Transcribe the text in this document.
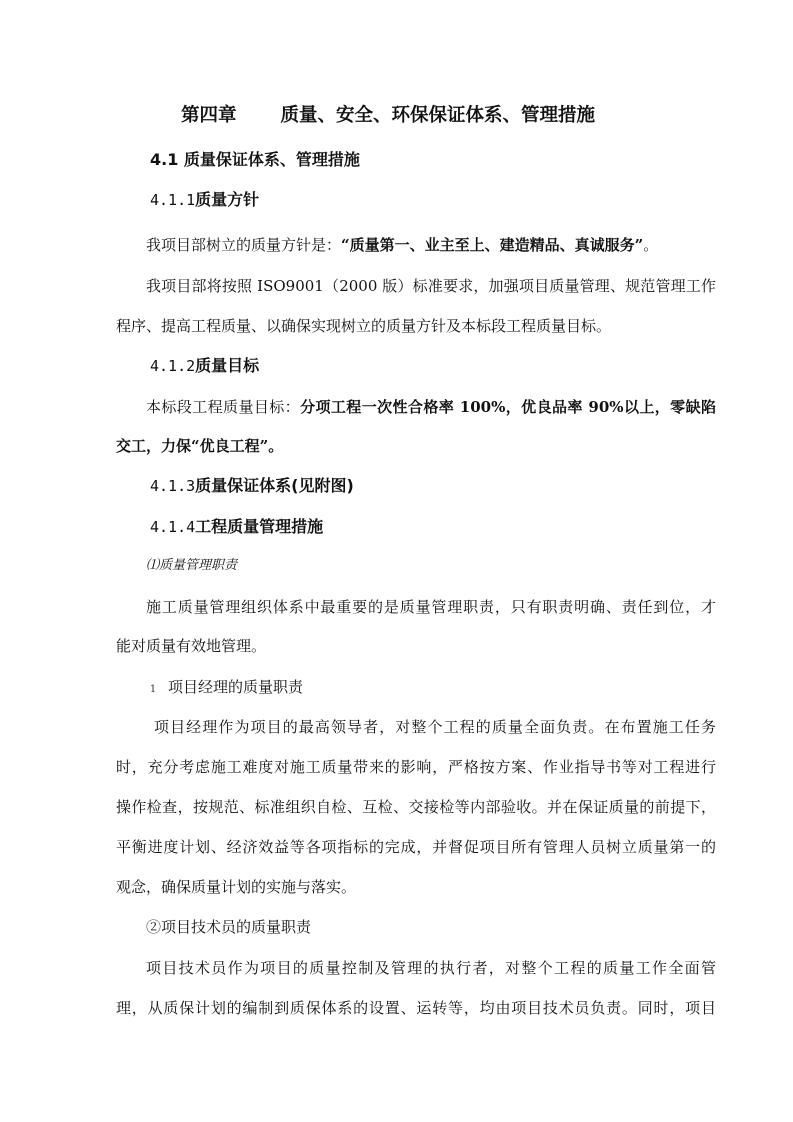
第四章 质量、安全、环保保证体系、管理措施
4.1 质量保证体系、管理措施
4.1.1质量方针
我项目部树立的质量方针是：“质量第一、业主至上、建造精品、真诚服务”。
我项目部将按照 ISO9001（2000 版）标准要求，加强项目质量管理、规范管理工作
程序、提高工程质量、以确保实现树立的质量方针及本标段工程质量目标。
4.1.2质量目标
本标段工程质量目标：分项工程一次性合格率 100%，优良品率 90%以上，零缺陷
交工，力保“优良工程”。
4.1.3质量保证体系(见附图)
4.1.4工程质量管理措施
⑴质量管理职责
施工质量管理组织体系中最重要的是质量管理职责，只有职责明确、责任到位，才
能对质量有效地管理。
1 项目经理的质量职责
项目经理作为项目的最高领导者，对整个工程的质量全面负责。在布置施工任务
时，充分考虑施工难度对施工质量带来的影响，严格按方案、作业指导书等对工程进行
操作检查，按规范、标准组织自检、互检、交接检等内部验收。并在保证质量的前提下，
平衡进度计划、经济效益等各项指标的完成，并督促项目所有管理人员树立质量第一的
观念，确保质量计划的实施与落实。
②项目技术员的质量职责
项目技术员作为项目的质量控制及管理的执行者，对整个工程的质量工作全面管
理，从质保计划的编制到质保体系的设置、运转等，均由项目技术员负责。同时，项目
